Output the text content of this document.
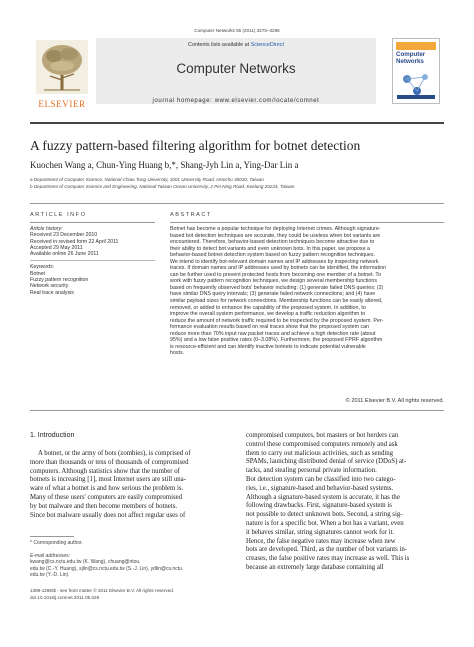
Computer Networks 55 (2011) 3275–3286
ELSEVIER
Contents lists available at ScienceDirect
Computer Networks
Computer Networks
journal homepage: www.elsevier.com/locate/comnet
A fuzzy pattern-based filtering algorithm for botnet detection
Kuochen Wang a, Chun-Ying Huang b,*, Shang-Jyh Lin a, Ying-Dar Lin a
a Department of Computer Science, National Chiao Tung University, 1001 University Road, Hsinchu 30010, Taiwan
b Department of Computer Science and Engineering, National Taiwan Ocean University, 2 Pei-Ning Road, Keelung 20224, Taiwan
ARTICLE INFO
Article history:
Received 23 December 2010
Received in revised form 22 April 2011
Accepted 29 May 2011
Available online 26 June 2011
Keywords:
Botnet
Fuzzy pattern recognition
Network security
Real trace analysis
ABSTRACT
Botnet has become a popular technique for deploying Internet crimes. Although signature-
based bot detection techniques are accurate, they could be useless when bot variants are
encountered. Therefore, behavior-based detection techniques become attractive due to
their ability to detect bot variants and even unknown bots. In this paper, we propose a
behavior-based botnet detection system based on fuzzy pattern recognition techniques.
We intend to identify bot-relevant domain names and IP addresses by inspecting network
traces. If domain names and IP addresses used by botnets can be identified, the information
can be further used to prevent protected hosts from becoming one member of a botnet. To
work with fuzzy pattern recognition techniques, we design several membership functions
based on frequently observed bots' behavior including: (1) generate failed DNS queries; (2)
have similar DNS query intervals; (3) generate failed network connections; and (4) have
similar payload sizes for network connections. Membership functions can be easily altered,
removed, or added to enhance the capability of the proposed system. In addition, to
improve the overall system performance, we develop a traffic reduction algorithm to
reduce the amount of network traffic required to be inspected by the proposed system. Per-
formance evaluation results based on real traces show that the proposed system can
reduce more than 70% input raw packet traces and achieve a high detection rate (about
95%) and a low false positive rates (0–3.08%). Furthermore, the proposed FPRF algorithm
is resource-efficient and can identify inactive botnets to indicate potential vulnerable
hosts.
© 2011 Elsevier B.V. All rights reserved.
1. Introduction
A botnet, or the army of bots (zombies), is comprised of
more than thousands or tens of thousands of compromised
computers. Although statistics show that the number of
botnets is increasing [1], most Internet users are still una-
ware of what a botnet is and how serious the problem is.
Many of these users' computers are easily compromised
by bot malware and then become members of botnets.
Since bot malware usually does not affect regular uses of
compromised computers, bot masters or bot herders can
control these compromised computers remotely and ask
them to carry out malicious activities, such as sending
SPAMs, launching distributed denial of service (DDoS) at-
tacks, and stealing personal private information.
Bot detection system can be classified into two catego-
ries, i.e., signature-based and behavior-based systems.
Although a signature-based system is accurate, it has the
following drawbacks. First, signature-based system is
not possible to detect unknown bots. Second, a string sig-
nature is for a specific bot. When a bot has a variant, even
it behaves similar, string signatures cannot work for it.
Hence, the false negative rates may increase when new
bots are developed. Third, as the number of bot variants in-
creases, the false positive rates may increase as well. This is
because an extremely large database containing all
* Corresponding author.

E-mail addresses:
kwang@cs.nctu.edu.tw (K. Wang), chuang@ntou.
edu.tw (C.-Y. Huang), sjlin@cs.nctu.edu.tw (S.-J. Lin), ydlin@cs.nctu.
edu.tw (Y.-D. Lin).

1389-1286/$ - see front matter © 2011 Elsevier B.V. All rights reserved.
doi:10.1016/j.comnet.2011.05.026
